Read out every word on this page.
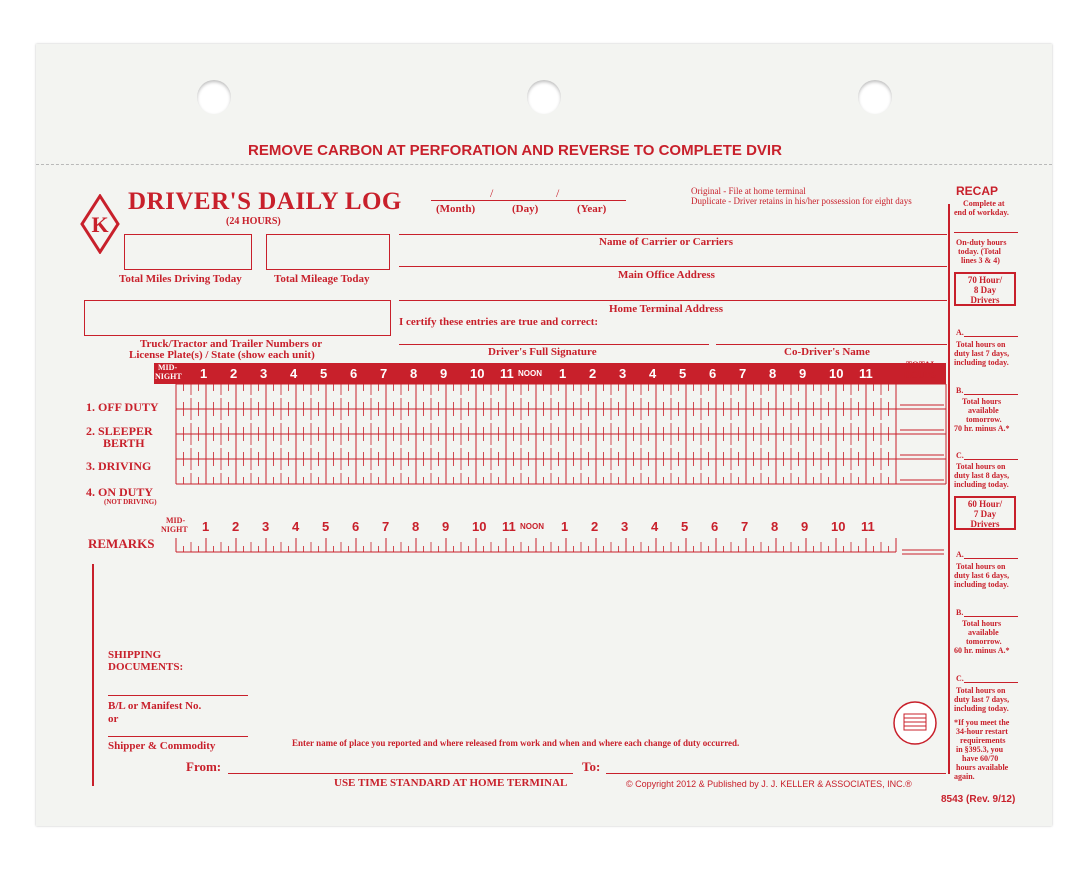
REMOVE CARBON AT PERFORATION AND REVERSE TO COMPLETE DVIR
K
DRIVER'S DAILY LOG
(24 HOURS)
/	/
(Month)	(Day)	(Year)
Original - File at home terminal
Duplicate - Driver retains in his/her possession for eight days
Total Miles Driving Today	Total Mileage Today
Name of Carrier or Carriers
Main Office Address
Home Terminal Address
I certify these entries are true and correct:
Truck/Tractor and Trailer Numbers or
License Plate(s) / State (show each unit)	Driver's Full Signature	Co-Driver's Name
MID-
NIGHT 1 2 3 4 5 6 7 8 9 10 11 NOON 1 2 3 4 5 6 7 8 9 10 11
TOTAL
HOURS
1. OFF DUTY
2. SLEEPER
BERTH
3. DRIVING
4. ON DUTY
(NOT DRIVING)
MID-
NIGHT 1 2 3 4 5 6 7 8 9 10 11 NOON 1 2 3 4 5 6 7 8 9 10 11
REMARKS
SHIPPING
DOCUMENTS:
B/L or Manifest No.
or
Shipper & Commodity	Enter name of place you reported and where released from work and when and where each change of duty occurred.
From:	To:
USE TIME STANDARD AT HOME TERMINAL	© Copyright 2012 & Published by J. J. KELLER & ASSOCIATES, INC.®
8543 (Rev. 9/12)
RECAP
Complete at
end of workday.
On-duty hours
today. (Total
lines 3 & 4)
70 Hour/
8 Day
Drivers
A.
Total hours on
duty last 7 days,
including today.
B.
Total hours
available
tomorrow.
70 hr. minus A.*
C.
Total hours on
duty last 8 days,
including today.
60 Hour/
7 Day
Drivers
A.
Total hours on
duty last 6 days,
including today.
B.
Total hours
available
tomorrow.
60 hr. minus A.*
C.
Total hours on
duty last 7 days,
including today.
*If you meet the
34-hour restart
requirements
in §395.3, you
have 60/70
hours available
again.
